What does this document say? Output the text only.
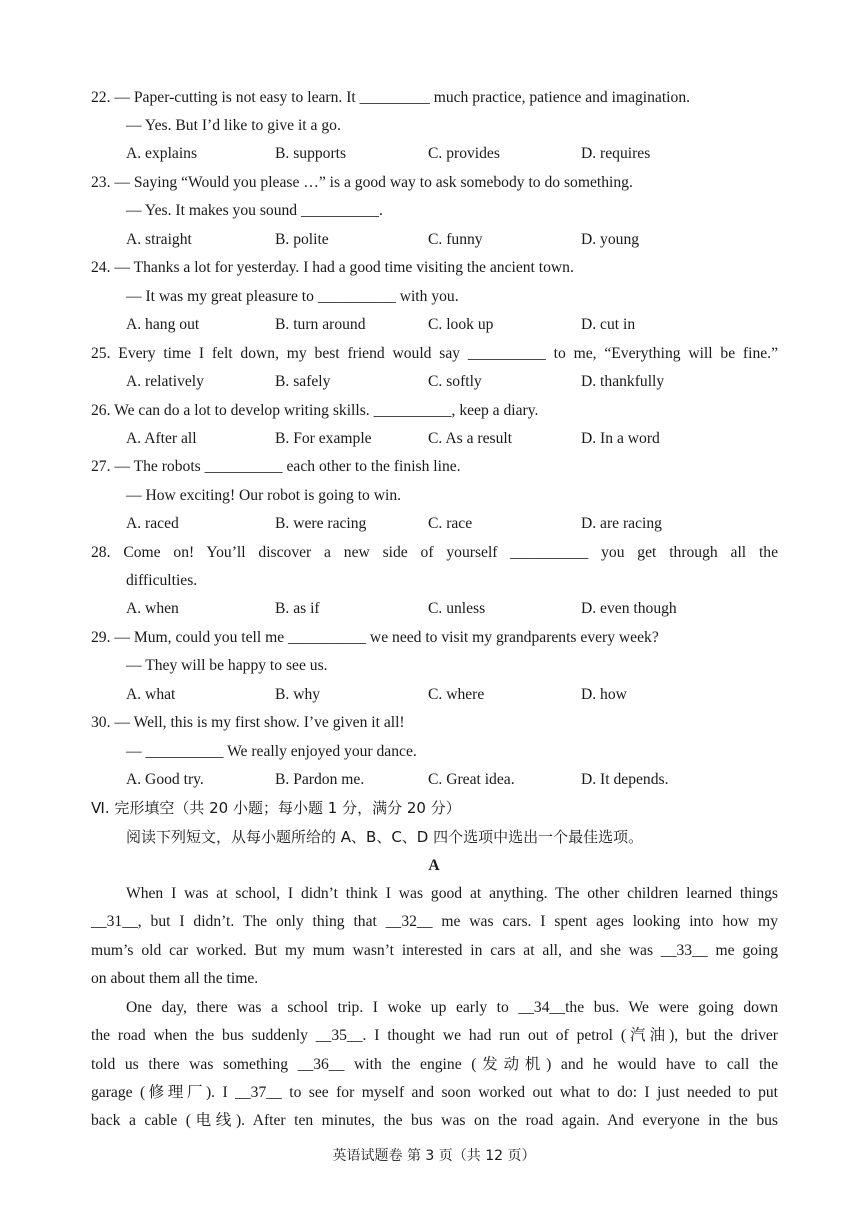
22. — Paper-cutting is not easy to learn. It _________ much practice, patience and imagination.
— Yes. But I’d like to give it a go.
A. explains	B. supports	C. provides	D. requires
23. — Saying “Would you please …” is a good way to ask somebody to do something.
— Yes. It makes you sound __________.
A. straight	B. polite	C. funny	D. young
24. — Thanks a lot for yesterday. I had a good time visiting the ancient town.
— It was my great pleasure to __________ with you.
A. hang out	B. turn around	C. look up	D. cut in
25. Every time I felt down, my best friend would say __________ to me, “Everything will be fine.”
A. relatively	B. safely	C. softly	D. thankfully
26. We can do a lot to develop writing skills. __________, keep a diary.
A. After all	B. For example	C. As a result	D. In a word
27. — The robots __________ each other to the finish line.
— How exciting! Our robot is going to win.
A. raced	B. were racing	C. race	D. are racing
28. Come on! You’ll discover a new side of yourself __________ you get through all the
difficulties.
A. when	B. as if	C. unless	D. even though
29. — Mum, could you tell me __________ we need to visit my grandparents every week?
— They will be happy to see us.
A. what	B. why	C. where	D. how
30. — Well, this is my first show. I’ve given it all!
— __________ We really enjoyed your dance.
A. Good try.	B. Pardon me.	C. Great idea.	D. It depends.
Ⅵ. 完形填空（共 20 小题；每小题 1 分，满分 20 分）
阅读下列短文，从每小题所给的 A、B、C、D 四个选项中选出一个最佳选项。
A
When I was at school, I didn’t think I was good at anything. The other children learned things
__31__, but I didn’t. The only thing that __32__ me was cars. I spent ages looking into how my
mum’s old car worked. But my mum wasn’t interested in cars at all, and she was __33__ me going
on about them all the time.
One day, there was a school trip. I woke up early to __34__the bus. We were going down
the road when the bus suddenly __35__. I thought we had run out of petrol (汽油), but the driver
told us there was something __36__ with the engine (发动机) and he would have to call the
garage (修理厂). I __37__ to see for myself and soon worked out what to do: I just needed to put
back a cable (电线). After ten minutes, the bus was on the road again. And everyone in the bus
英语试题卷 第 3 页（共 12 页）
